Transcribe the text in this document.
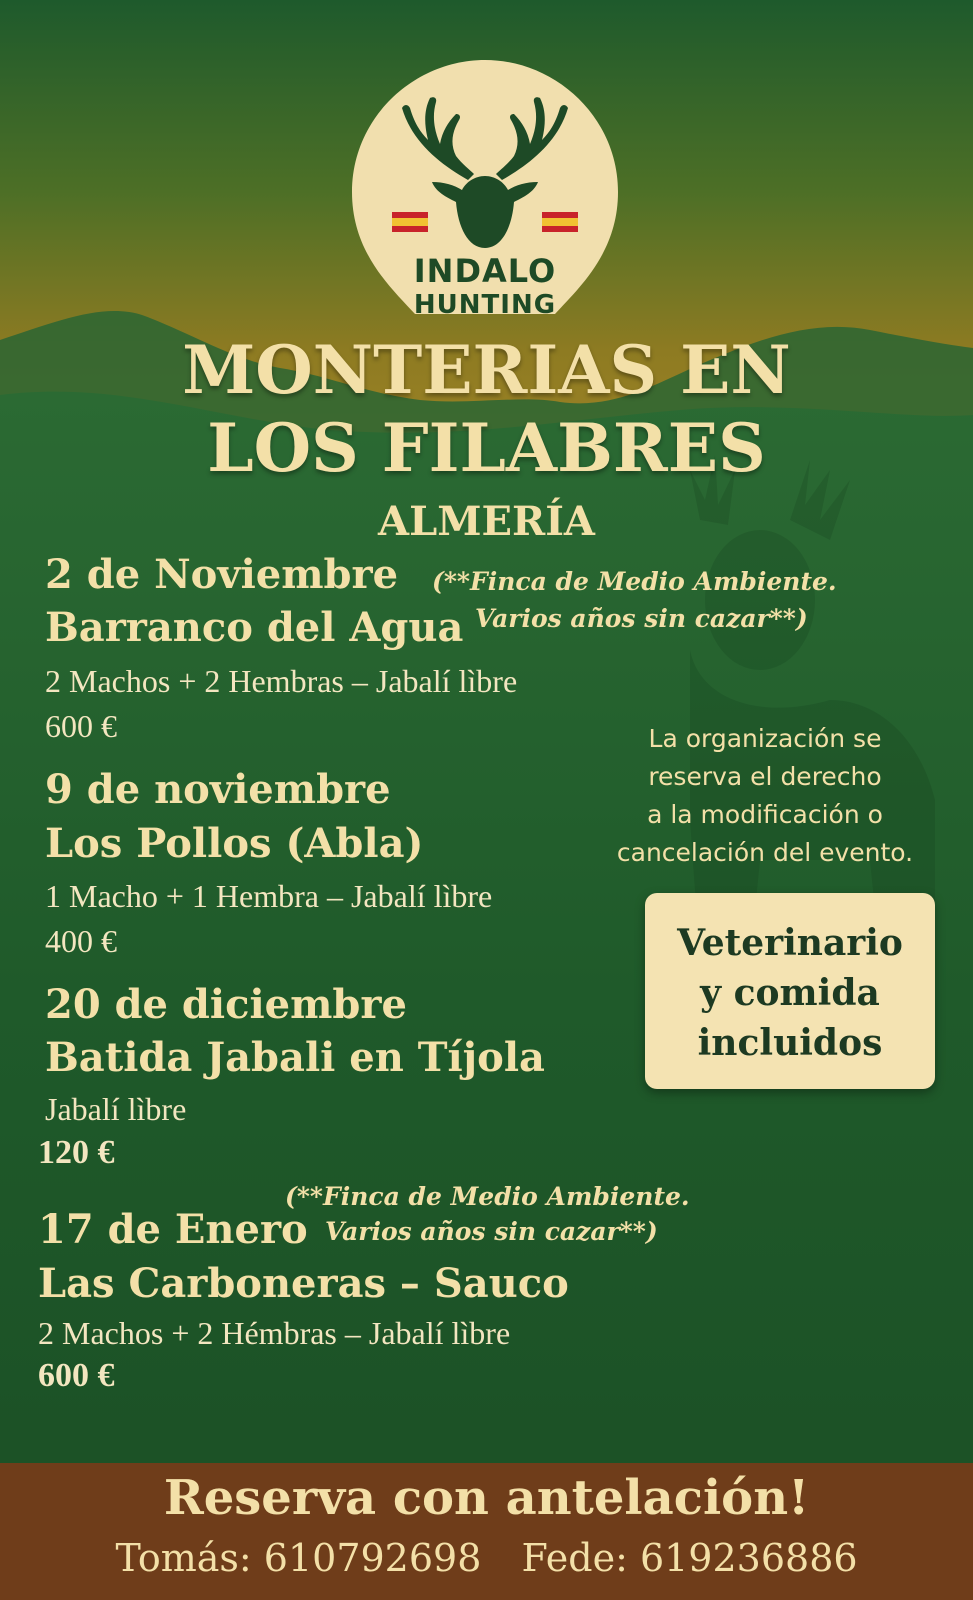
INDALO
HUNTING
MONTERIAS EN
LOS FILABRES
ALMERÍA
2 de Noviembre
Barranco del Agua
2 Machos + 2 Hembras – Jabalí lìbre
600 €
(**Finca de Medio Ambiente.
Varios años sin cazar**)
9 de noviembre
Los Pollos (Abla)
1 Macho + 1 Hembra – Jabalí lìbre
400 €
20 de diciembre
Batida Jabali en Tíjola
Jabalí lìbre
120 €
17 de Enero
(**Finca de Medio Ambiente.
Varios años sin cazar**)
Las Carboneras – Sauco
2 Machos + 2 Hémbras – Jabalí lìbre
600 €
La organización se
reserva el derecho
a la modificación o
cancelación del evento.
Veterinario
y comida
incluidos
Reserva con antelación!
Tomás: 610792698 Fede: 619236886
